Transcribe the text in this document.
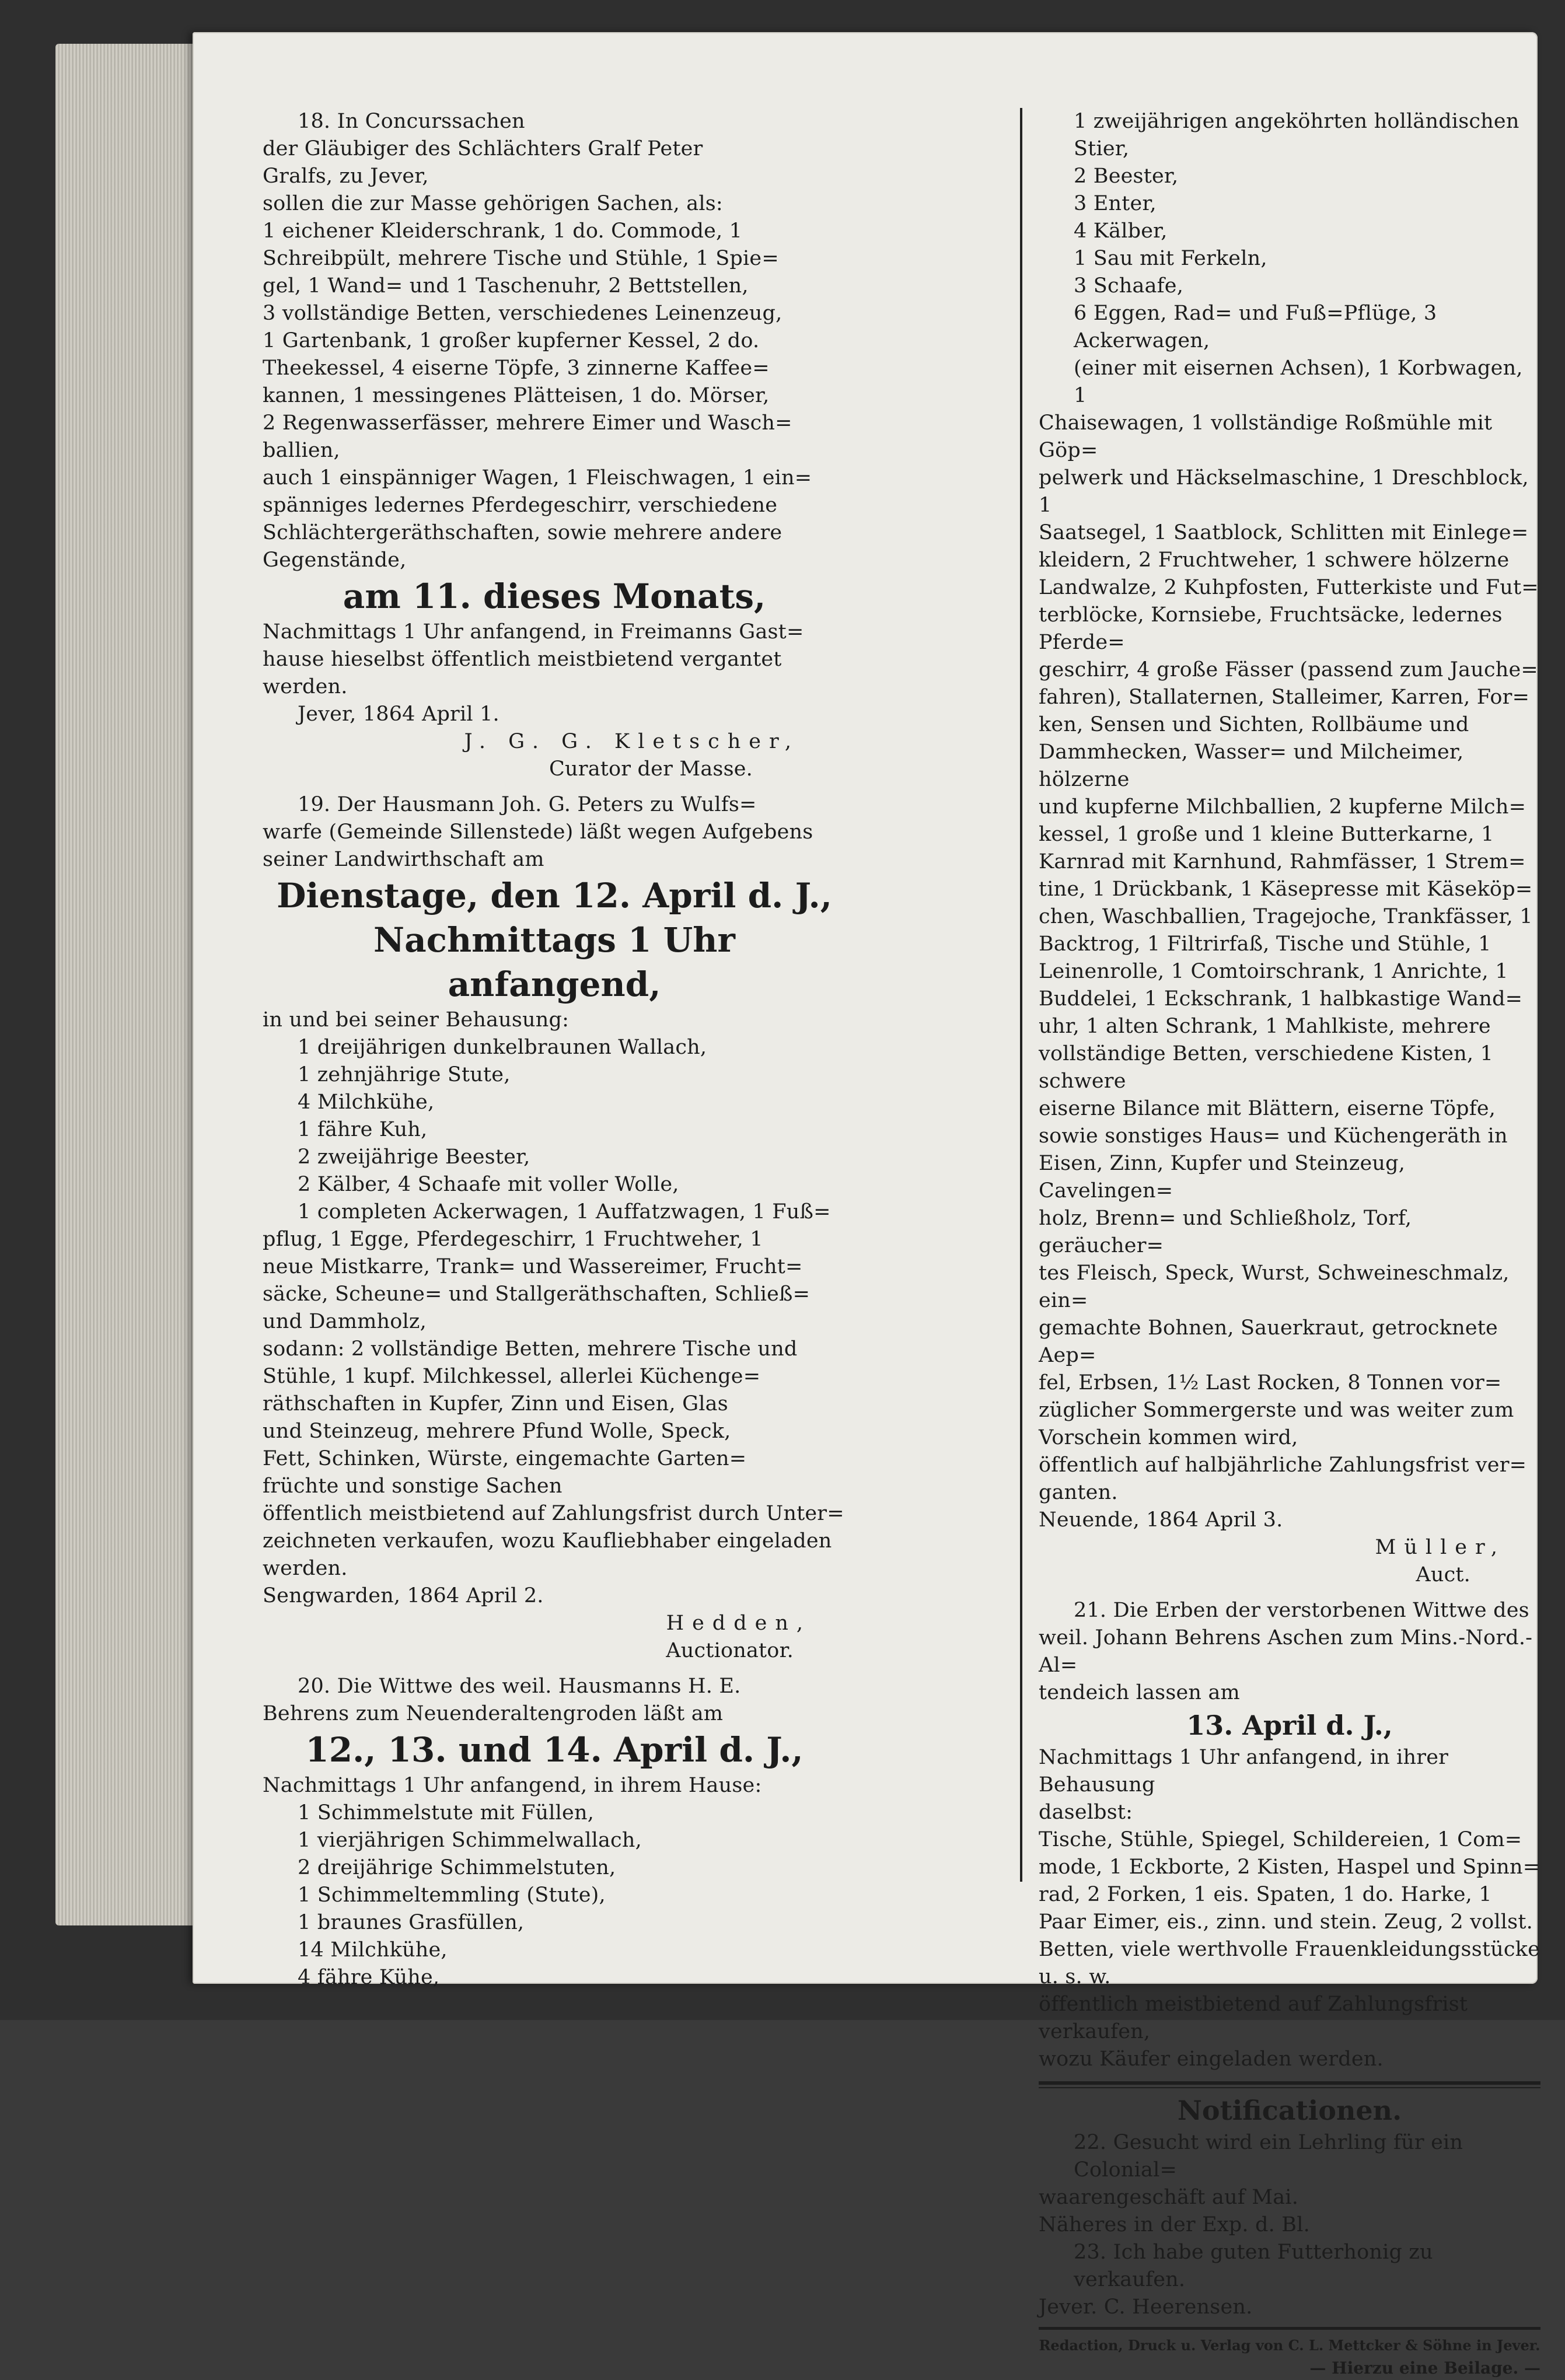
18. In Concurssachen
der Gläubiger des Schlächters Gralf Peter
Gralfs, zu Jever,
sollen die zur Masse gehörigen Sachen, als:
1 eichener Kleiderschrank, 1 do. Commode, 1
Schreibpült, mehrere Tische und Stühle, 1 Spie=
gel, 1 Wand= und 1 Taschenuhr, 2 Bettstellen,
3 vollständige Betten, verschiedenes Leinenzeug,
1 Gartenbank, 1 großer kupferner Kessel, 2 do.
Theekessel, 4 eiserne Töpfe, 3 zinnerne Kaffee=
kannen, 1 messingenes Plätteisen, 1 do. Mörser,
2 Regenwasserfässer, mehrere Eimer und Wasch=
ballien,
auch 1 einspänniger Wagen, 1 Fleischwagen, 1 ein=
spänniges ledernes Pferdegeschirr, verschiedene
Schlächtergeräthschaften, sowie mehrere andere
Gegenstände,
am 11. dieses Monats,
Nachmittags 1 Uhr anfangend, in Freimanns Gast=
hause hieselbst öffentlich meistbietend vergantet werden.
Jever, 1864 April 1.
J. G. G. Kletscher,
Curator der Masse.
19. Der Hausmann Joh. G. Peters zu Wulfs=
warfe (Gemeinde Sillenstede) läßt wegen Aufgebens
seiner Landwirthschaft am
Dienstage, den 12. April d. J.,
Nachmittags 1 Uhr anfangend,
in und bei seiner Behausung:
1 dreijährigen dunkelbraunen Wallach,
1 zehnjährige Stute,
4 Milchkühe,
1 fähre Kuh,
2 zweijährige Beester,
2 Kälber, 4 Schaafe mit voller Wolle,
1 completen Ackerwagen, 1 Auffatzwagen, 1 Fuß=
pflug, 1 Egge, Pferdegeschirr, 1 Fruchtweher, 1
neue Mistkarre, Trank= und Wassereimer, Frucht=
säcke, Scheune= und Stallgeräthschaften, Schließ=
und Dammholz,
sodann: 2 vollständige Betten, mehrere Tische und
Stühle, 1 kupf. Milchkessel, allerlei Küchenge=
räthschaften in Kupfer, Zinn und Eisen, Glas
und Steinzeug, mehrere Pfund Wolle, Speck,
Fett, Schinken, Würste, eingemachte Garten=
früchte und sonstige Sachen
öffentlich meistbietend auf Zahlungsfrist durch Unter=
zeichneten verkaufen, wozu Kaufliebhaber eingeladen
werden.
Sengwarden, 1864 April 2.
Hedden,
Auctionator.
20. Die Wittwe des weil. Hausmanns H. E.
Behrens zum Neuenderaltengroden läßt am
12., 13. und 14. April d. J.,
Nachmittags 1 Uhr anfangend, in ihrem Hause:
1 Schimmelstute mit Füllen,
1 vierjährigen Schimmelwallach,
2 dreijährige Schimmelstuten,
1 Schimmeltemmling (Stute),
1 braunes Grasfüllen,
14 Milchkühe,
4 fähre Kühe,
1 zweijährigen angeköhrten holländischen Stier,
2 Beester,
3 Enter,
4 Kälber,
1 Sau mit Ferkeln,
3 Schaafe,
6 Eggen, Rad= und Fuß=Pflüge, 3 Ackerwagen,
(einer mit eisernen Achsen), 1 Korbwagen, 1
Chaisewagen, 1 vollständige Roßmühle mit Göp=
pelwerk und Häckselmaschine, 1 Dreschblock, 1
Saatsegel, 1 Saatblock, Schlitten mit Einlege=
kleidern, 2 Fruchtweher, 1 schwere hölzerne
Landwalze, 2 Kuhpfosten, Futterkiste und Fut=
terblöcke, Kornsiebe, Fruchtsäcke, ledernes Pferde=
geschirr, 4 große Fässer (passend zum Jauche=
fahren), Stallaternen, Stalleimer, Karren, For=
ken, Sensen und Sichten, Rollbäume und
Dammhecken, Wasser= und Milcheimer, hölzerne
und kupferne Milchballien, 2 kupferne Milch=
kessel, 1 große und 1 kleine Butterkarne, 1
Karnrad mit Karnhund, Rahmfässer, 1 Strem=
tine, 1 Drückbank, 1 Käsepresse mit Käseköp=
chen, Waschballien, Tragejoche, Trankfässer, 1
Backtrog, 1 Filtrirfaß, Tische und Stühle, 1
Leinenrolle, 1 Comtoirschrank, 1 Anrichte, 1
Buddelei, 1 Eckschrank, 1 halbkastige Wand=
uhr, 1 alten Schrank, 1 Mahlkiste, mehrere
vollständige Betten, verschiedene Kisten, 1 schwere
eiserne Bilance mit Blättern, eiserne Töpfe,
sowie sonstiges Haus= und Küchengeräth in
Eisen, Zinn, Kupfer und Steinzeug, Cavelingen=
holz, Brenn= und Schließholz, Torf, geräucher=
tes Fleisch, Speck, Wurst, Schweineschmalz, ein=
gemachte Bohnen, Sauerkraut, getrocknete Aep=
fel, Erbsen, 1½ Last Rocken, 8 Tonnen vor=
züglicher Sommergerste und was weiter zum
Vorschein kommen wird,
öffentlich auf halbjährliche Zahlungsfrist ver=
ganten.
Neuende, 1864 April 3.
Müller,
Auct.
21. Die Erben der verstorbenen Wittwe des
weil. Johann Behrens Aschen zum Mins.-Nord.-Al=
tendeich lassen am
13. April d. J.,
Nachmittags 1 Uhr anfangend, in ihrer Behausung
daselbst:
Tische, Stühle, Spiegel, Schildereien, 1 Com=
mode, 1 Eckborte, 2 Kisten, Haspel und Spinn=
rad, 2 Forken, 1 eis. Spaten, 1 do. Harke, 1
Paar Eimer, eis., zinn. und stein. Zeug, 2 vollst.
Betten, viele werthvolle Frauenkleidungsstücke
u. s. w.
öffentlich meistbietend auf Zahlungsfrist verkaufen,
wozu Käufer eingeladen werden.
Notificationen.
22. Gesucht wird ein Lehrling für ein Colonial=
waarengeschäft auf Mai.
Näheres in der Exp. d. Bl.
23. Ich habe guten Futterhonig zu verkaufen.
Jever. C. Heerensen.
Redaction, Druck u. Verlag von C. L. Mettcker & Söhne in Jever.
— Hierzu eine Beilage. —
